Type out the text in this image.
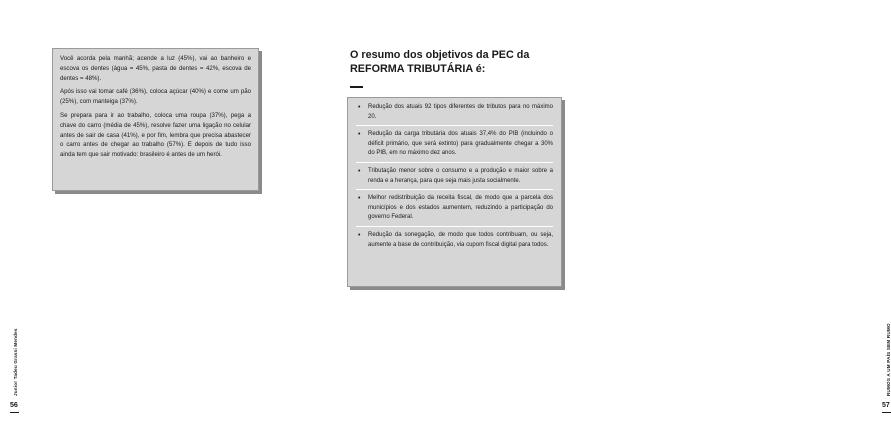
Você acorda pela manhã; acende a luz (45%), vai ao banheiro e escova os dentes (água = 45%, pasta de dentes = 42%, escova de dentes = 48%).

Após isso vai tomar café (36%), coloca açúcar (40%) e come um pão (25%), com manteiga (37%).

Se prepara para ir ao trabalho, coloca uma roupa (37%), pega a chave do carro (média de 45%), resolve fazer uma ligação no celular antes de sair de casa (41%), e por fim, lembra que precisa abastecer o carro antes de chegar ao trabalho (57%). E depois de tudo isso ainda tem que sair motivado: brasileiro é antes de um herói.

Junior Tadeu Grassi Mendes
56
O resumo dos objetivos da PEC da
REFORMA TRIBUTÁRIA é:
• Redução dos atuais 92 tipos diferentes de tributos para no máximo 20.
• Redução da carga tributária dos atuais 37,4% do PIB (incluindo o déficit primário, que será extinto) para gradualmente chegar a 30% do PIB, em no máximo dez anos.
• Tributação menor sobre o consumo e a produção e maior sobre a renda e a herança, para que seja mais justa socialmente.
• Melhor redistribuição da receita fiscal, de modo que a parcela dos municípios e dos estados aumentem, reduzindo a participação do governo Federal.
• Redução da sonegação, de modo que todos contribuam, ou seja, aumente a base de contribuição, via cupom fiscal digital para todos.
RUMOS A UM PAÍS SEM RUMO
57
